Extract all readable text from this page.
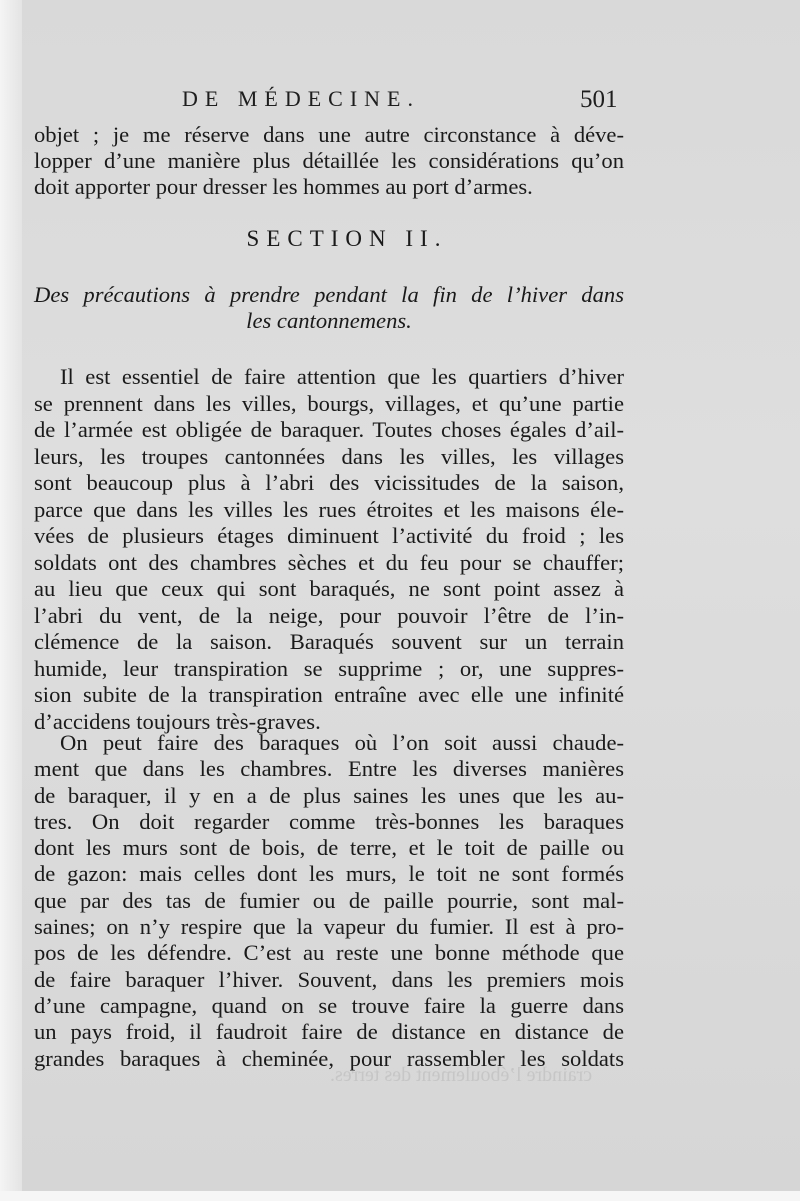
DE MÉDECINE.	501
objet ; je me réserve dans une autre circonstance à déve-
lopper d’une manière plus détaillée les considérations qu’on
doit apporter pour dresser les hommes au port d’armes.
SECTION II.
Des précautions à prendre pendant la fin de l’hiver dans
les cantonnemens.
Il est essentiel de faire attention que les quartiers d’hiver
se prennent dans les villes, bourgs, villages, et qu’une partie
de l’armée est obligée de baraquer. Toutes choses égales d’ail-
leurs, les troupes cantonnées dans les villes, les villages
sont beaucoup plus à l’abri des vicissitudes de la saison,
parce que dans les villes les rues étroites et les maisons éle-
vées de plusieurs étages diminuent l’activité du froid ; les
soldats ont des chambres sèches et du feu pour se chauffer;
au lieu que ceux qui sont baraqués, ne sont point assez à
l’abri du vent, de la neige, pour pouvoir l’être de l’in-
clémence de la saison. Baraqués souvent sur un terrain
humide, leur transpiration se supprime ; or, une suppres-
sion subite de la transpiration entraîne avec elle une infinité
d’accidens toujours très-graves.
On peut faire des baraques où l’on soit aussi chaude-
ment que dans les chambres. Entre les diverses manières
de baraquer, il y en a de plus saines les unes que les au-
tres. On doit regarder comme très-bonnes les baraques
dont les murs sont de bois, de terre, et le toit de paille ou
de gazon: mais celles dont les murs, le toit ne sont formés
que par des tas de fumier ou de paille pourrie, sont mal-
saines; on n’y respire que la vapeur du fumier. Il est à pro-
pos de les défendre. C’est au reste une bonne méthode que
de faire baraquer l’hiver. Souvent, dans les premiers mois
d’une campagne, quand on se trouve faire la guerre dans
un pays froid, il faudroit faire de distance en distance de
grandes baraques à cheminée, pour rassembler les soldats
craindre l’éboulement des terres.
